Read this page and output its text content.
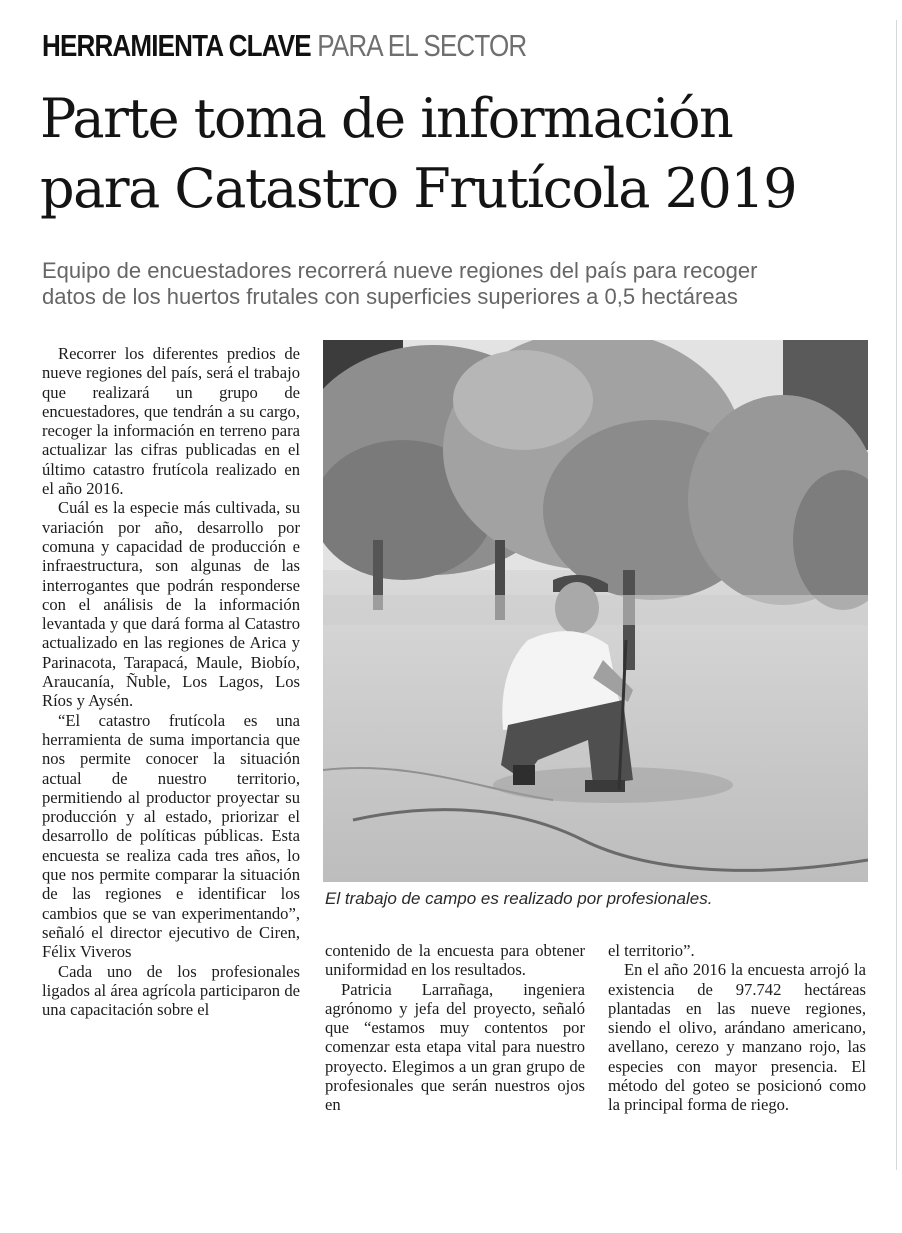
HERRAMIENTA CLAVE PARA EL SECTOR
Parte toma de información
para Catastro Frutícola 2019

Equipo de encuestadores recorrerá nueve regiones del país para recoger
datos de los huertos frutales con superficies superiores a 0,5 hectáreas

Recorrer los diferentes predios de nueve regiones del país, será el trabajo que realizará un grupo de encuestadores, que tendrán a su cargo, recoger la información en terreno para actualizar las cifras publicadas en el último catastro frutícola realizado en el año 2016.

Cuál es la especie más cultivada, su variación por año, desarrollo por comuna y capacidad de producción e infraestructura, son algunas de las interrogantes que podrán responderse con el análisis de la información levantada y que dará forma al Catastro actualizado en las regiones de Arica y Parinacota, Tarapacá, Maule, Biobío, Araucanía, Ñuble, Los Lagos, Los Ríos y Aysén.

“El catastro frutícola es una herramienta de suma importancia que nos permite conocer la situación actual de nuestro territorio, permitiendo al productor proyectar su producción y al estado, priorizar el desarrollo de políticas públicas. Esta encuesta se realiza cada tres años, lo que nos permite comparar la situación de las regiones e identificar los cambios que se van experimentando”, señaló el director ejecutivo de Ciren, Félix Viveros

Cada uno de los profesionales ligados al área agrícola participaron de una capacitación sobre el

El trabajo de campo es realizado por profesionales.

contenido de la encuesta para obtener uniformidad en los resultados.

Patricia Larrañaga, ingeniera agrónomo y jefa del proyecto, señaló que “estamos muy contentos por comenzar esta etapa vital para nuestro proyecto. Elegimos a un gran grupo de profesionales que serán nuestros ojos en

el territorio”.

En el año 2016 la encuesta arrojó la existencia de 97.742 hectáreas plantadas en las nueve regiones, siendo el olivo, arándano americano, avellano, cerezo y manzano rojo, las especies con mayor presencia. El método del goteo se posicionó como la principal forma de riego.
